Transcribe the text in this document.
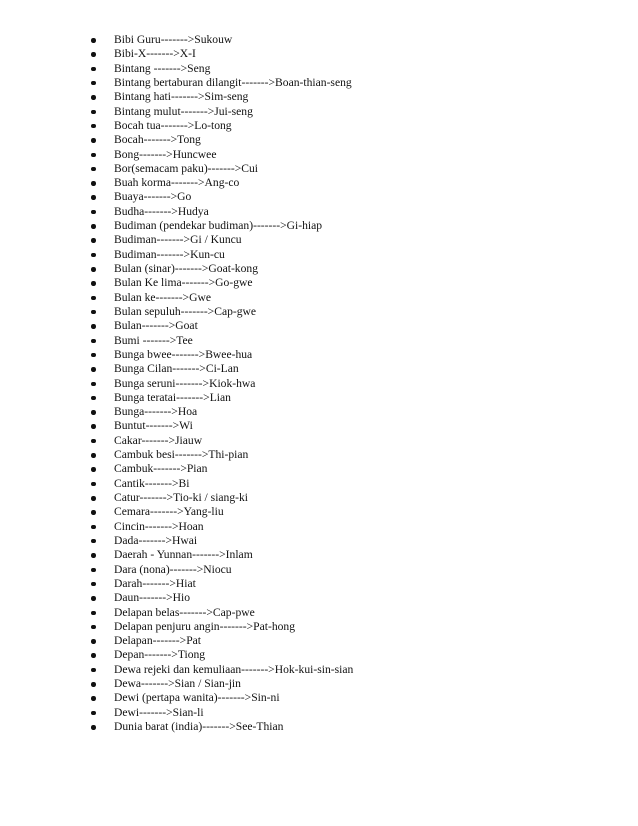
Bibi Guru------->Sukouw
Bibi-X------->X-I
Bintang ------->Seng
Bintang bertaburan dilangit------->Boan-thian-seng
Bintang hati------->Sim-seng
Bintang mulut------->Jui-seng
Bocah tua------->Lo-tong
Bocah------->Tong
Bong------->Huncwee
Bor(semacam paku)------->Cui
Buah korma------->Ang-co
Buaya------->Go
Budha------->Hudya
Budiman (pendekar budiman)------->Gi-hiap
Budiman------->Gi / Kuncu
Budiman------->Kun-cu
Bulan (sinar)------->Goat-kong
Bulan Ke lima------->Go-gwe
Bulan ke------->Gwe
Bulan sepuluh------->Cap-gwe
Bulan------->Goat
Bumi ------->Tee
Bunga bwee------->Bwee-hua
Bunga Cilan------->Ci-Lan
Bunga seruni------->Kiok-hwa
Bunga teratai------->Lian
Bunga------->Hoa
Buntut------->Wi
Cakar------->Jiauw
Cambuk besi------->Thi-pian
Cambuk------->Pian
Cantik------->Bi
Catur------->Tio-ki / siang-ki
Cemara------->Yang-liu
Cincin------->Hoan
Dada------->Hwai
Daerah - Yunnan------->Inlam
Dara (nona)------->Niocu
Darah------->Hiat
Daun------->Hio
Delapan belas------->Cap-pwe
Delapan penjuru angin------->Pat-hong
Delapan------->Pat
Depan------->Tiong
Dewa rejeki dan kemuliaan------->Hok-kui-sin-sian
Dewa------->Sian / Sian-jin
Dewi (pertapa wanita)------->Sin-ni
Dewi------->Sian-li
Dunia barat (india)------->See-Thian
